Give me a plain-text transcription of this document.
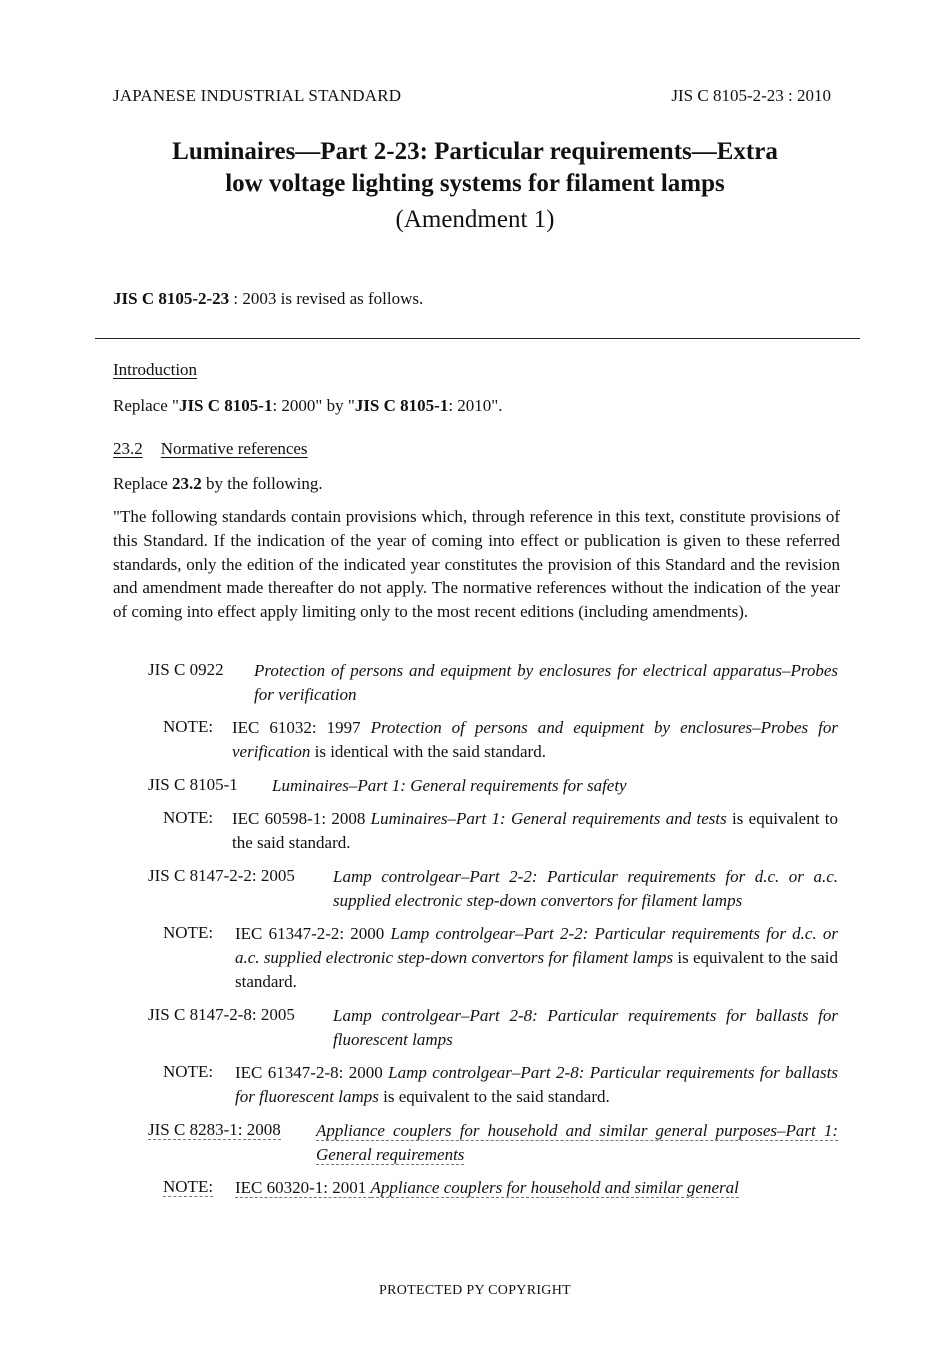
JAPANESE INDUSTRIAL STANDARD	JIS C 8105-2-23 : 2010
Luminaires—Part 2-23: Particular requirements—Extra
low voltage lighting systems for filament lamps
(Amendment 1)
JIS C 8105-2-23 : 2003 is revised as follows.
Introduction
Replace "JIS C 8105-1: 2000" by "JIS C 8105-1: 2010".
23.2 Normative references
Replace 23.2 by the following.
"The following standards contain provisions which, through reference in this text, constitute provisions of this Standard. If the indication of the year of coming into effect or publication is given to these referred standards, only the edition of the indicated year constitutes the provision of this Standard and the revision and amendment made thereafter do not apply. The normative references without the indication of the year of coming into effect apply limiting only to the most recent editions (including amendments).
JIS C 0922 Protection of persons and equipment by enclosures for electrical apparatus–Probes for verification
NOTE: IEC 61032: 1997 Protection of persons and equipment by enclosures–Probes for verification is identical with the said standard.
JIS C 8105-1 Luminaires–Part 1: General requirements for safety
NOTE: IEC 60598-1: 2008 Luminaires–Part 1: General requirements and tests is equivalent to the said standard.
JIS C 8147-2-2: 2005 Lamp controlgear–Part 2-2: Particular requirements for d.c. or a.c. supplied electronic step-down convertors for filament lamps
NOTE: IEC 61347-2-2: 2000 Lamp controlgear–Part 2-2: Particular requirements for d.c. or a.c. supplied electronic step-down convertors for filament lamps is equivalent to the said standard.
JIS C 8147-2-8: 2005 Lamp controlgear–Part 2-8: Particular requirements for ballasts for fluorescent lamps
NOTE: IEC 61347-2-8: 2000 Lamp controlgear–Part 2-8: Particular requirements for ballasts for fluorescent lamps is equivalent to the said standard.
JIS C 8283-1: 2008 Appliance couplers for household and similar general purposes–Part 1: General requirements
NOTE: IEC 60320-1: 2001 Appliance couplers for household and similar general
PROTECTED PY COPYRIGHT
